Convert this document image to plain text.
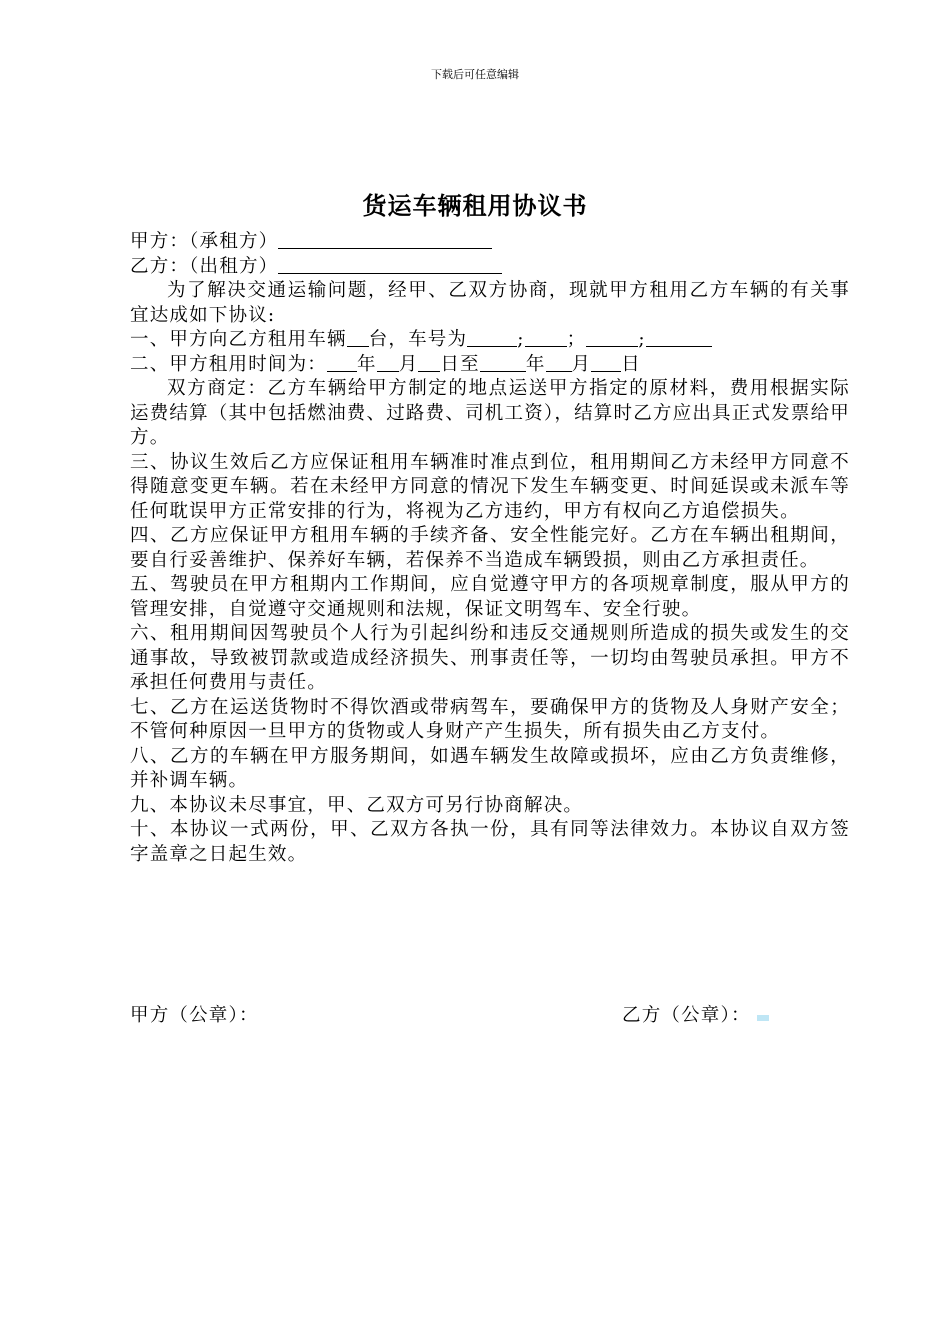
下载后可任意编辑
货运车辆租用协议书
甲方：（承租方）
乙方：（出租方）
为了解决交通运输问题，经甲、乙双方协商，现就甲方租用乙方车辆的有关事宜达成如下协议:
一、甲方向乙方租用车辆 台，车号为	; ；	;
二、甲方租用时间为： 年 月 日至 年 月 日
双方商定：乙方车辆给甲方制定的地点运送甲方指定的原材料，费用根据实际运费结算（其中包括燃油费、过路费、司机工资），结算时乙方应出具正式发票给甲方。
三、协议生效后乙方应保证租用车辆准时准点到位，租用期间乙方未经甲方同意不得随意变更车辆。若在未经甲方同意的情况下发生车辆变更、时间延误或未派车等任何耽误甲方正常安排的行为，将视为乙方违约，甲方有权向乙方追偿损失。
四、乙方应保证甲方租用车辆的手续齐备、安全性能完好。乙方在车辆出租期间，要自行妥善维护、保养好车辆，若保养不当造成车辆毁损，则由乙方承担责任。
五、驾驶员在甲方租期内工作期间，应自觉遵守甲方的各项规章制度，服从甲方的管理安排，自觉遵守交通规则和法规，保证文明驾车、安全行驶。
六、租用期间因驾驶员个人行为引起纠纷和违反交通规则所造成的损失或发生的交通事故，导致被罚款或造成经济损失、刑事责任等，一切均由驾驶员承担。甲方不承担任何费用与责任。
七、乙方在运送货物时不得饮酒或带病驾车，要确保甲方的货物及人身财产安全；不管何种原因一旦甲方的货物或人身财产产生损失，所有损失由乙方支付。
八、乙方的车辆在甲方服务期间，如遇车辆发生故障或损坏，应由乙方负责维修，并补调车辆。
九、本协议未尽事宜，甲、乙双方可另行协商解决。
十、本协议一式两份，甲、乙双方各执一份，具有同等法律效力。本协议自双方签字盖章之日起生效。
甲方（公章）：	乙方（公章）：
